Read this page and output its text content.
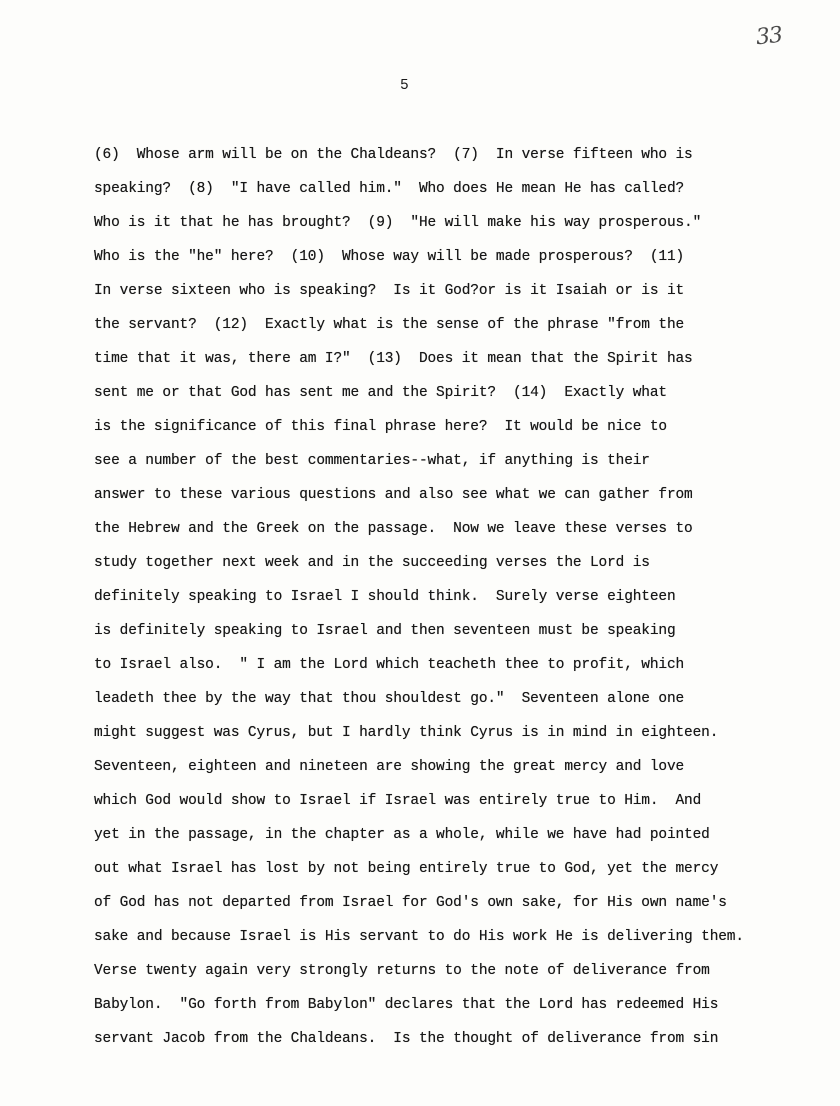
33
5
(6)  Whose arm will be on the Chaldeans?  (7)  In verse fifteen who is
speaking?  (8)  "I have called him."  Who does He mean He has called?
Who is it that he has brought?  (9)  "He will make his way prosperous."
Who is the "he" here?  (10)  Whose way will be made prosperous?  (11)
In verse sixteen who is speaking?  Is it God?or is it Isaiah or is it
the servant?  (12)  Exactly what is the sense of the phrase "from the
time that it was, there am I?"  (13)  Does it mean that the Spirit has
sent me or that God has sent me and the Spirit?  (14)  Exactly what
is the significance of this final phrase here?  It would be nice to
see a number of the best commentaries--what, if anything is their
answer to these various questions and also see what we can gather from
the Hebrew and the Greek on the passage.  Now we leave these verses to
study together next week and in the succeeding verses the Lord is
definitely speaking to Israel I should think.  Surely verse eighteen
is definitely speaking to Israel and then seventeen must be speaking
to Israel also.  " I am the Lord which teacheth thee to profit, which
leadeth thee by the way that thou shouldest go."  Seventeen alone one
might suggest was Cyrus, but I hardly think Cyrus is in mind in eighteen.
Seventeen, eighteen and nineteen are showing the great mercy and love
which God would show to Israel if Israel was entirely true to Him.  And
yet in the passage, in the chapter as a whole, while we have had pointed
out what Israel has lost by not being entirely true to God, yet the mercy
of God has not departed from Israel for God's own sake, for His own name's
sake and because Israel is His servant to do His work He is delivering them.
Verse twenty again very strongly returns to the note of deliverance from
Babylon.  "Go forth from Babylon" declares that the Lord has redeemed His
servant Jacob from the Chaldeans.  Is the thought of deliverance from sin
